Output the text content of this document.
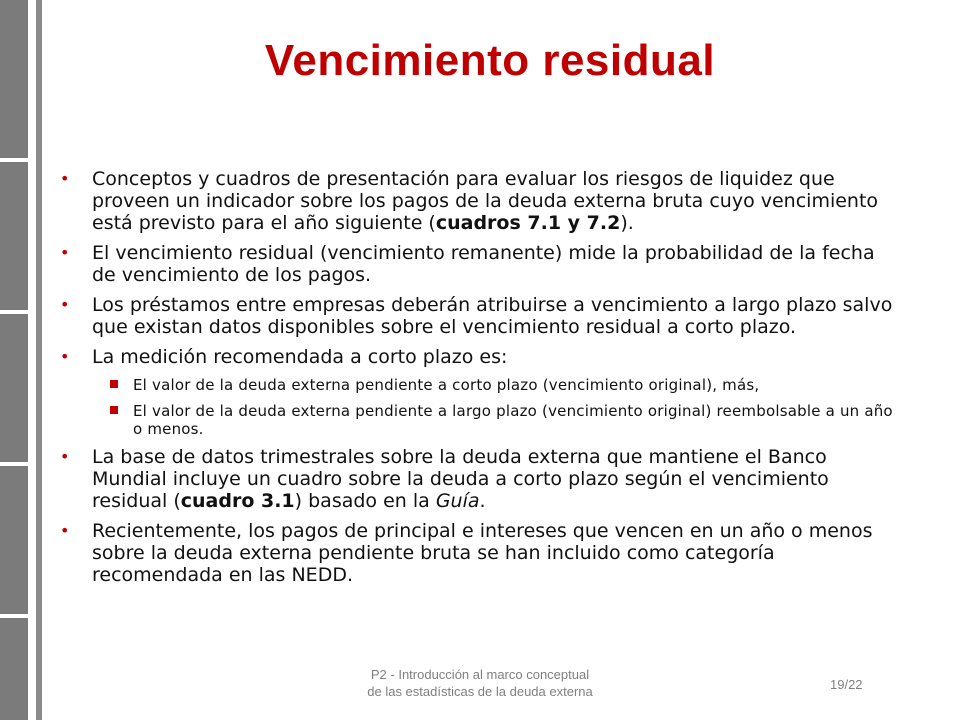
Vencimiento residual
• Conceptos y cuadros de presentación para evaluar los riesgos de liquidez que proveen un indicador sobre los pagos de la deuda externa bruta cuyo vencimiento está previsto para el año siguiente (cuadros 7.1 y 7.2).
• El vencimiento residual (vencimiento remanente) mide la probabilidad de la fecha de vencimiento de los pagos.
• Los préstamos entre empresas deberán atribuirse a vencimiento a largo plazo salvo que existan datos disponibles sobre el vencimiento residual a corto plazo.
• La medición recomendada a corto plazo es:
El valor de la deuda externa pendiente a corto plazo (vencimiento original), más,
El valor de la deuda externa pendiente a largo plazo (vencimiento original) reembolsable a un año o menos.
• La base de datos trimestrales sobre la deuda externa que mantiene el Banco Mundial incluye un cuadro sobre la deuda a corto plazo según el vencimiento residual (cuadro 3.1) basado en la Guía.
• Recientemente, los pagos de principal e intereses que vencen en un año o menos sobre la deuda externa pendiente bruta se han incluido como categoría recomendada en las NEDD.
P2 - Introducción al marco conceptual
de las estadísticas de la deuda externa	19/22
